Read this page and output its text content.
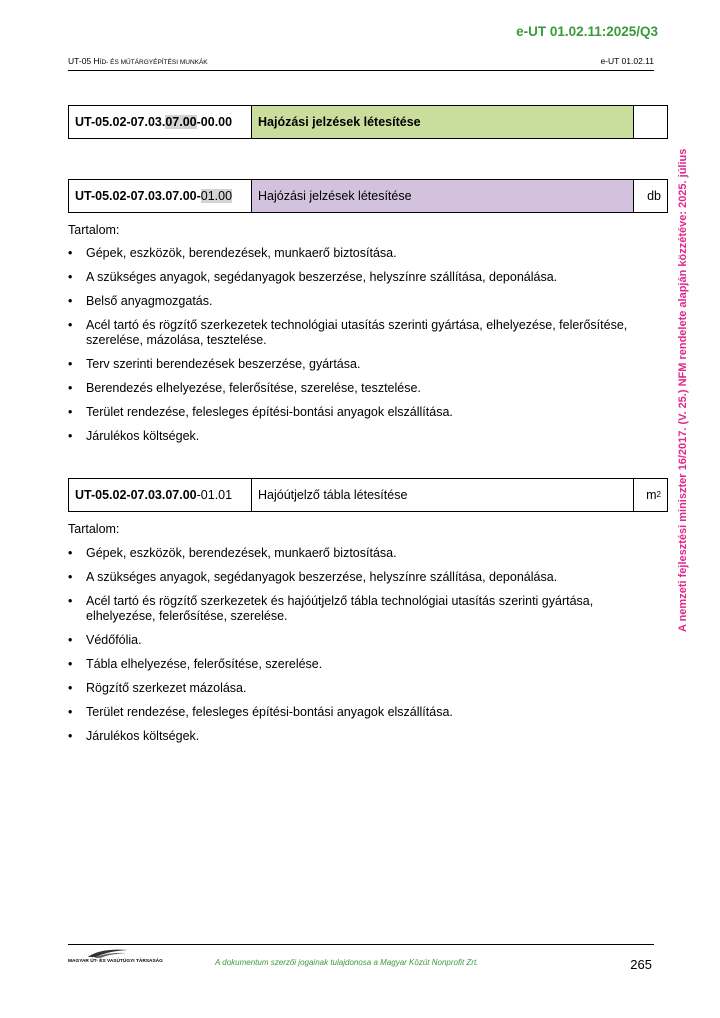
e-UT 01.02.11:2025/Q3
UT-05 HÍD- ÉS MŰTÁRGYÉPÍTÉSI MUNKÁK	e-UT 01.02.11
A nemzeti fejlesztési miniszter 16/2017. (V. 25.) NFM rendelete alapján közzétéve: 2025. július
UT-05.02-07.03. 07.00 -00.00	Hajózási jelzések létesítése
UT-05.02-07.03.07.00- 01.00	Hajózási jelzések létesítése	db
Tartalom:
• Gépek, eszközök, berendezések, munkaerő biztosítása.
• A szükséges anyagok, segédanyagok beszerzése, helyszínre szállítása, deponálása.
• Belső anyagmozgatás.
• Acél tartó és rögzítő szerkezetek technológiai utasítás szerinti gyártása, elhelyezése, felerősítése, szerelése, mázolása, tesztelése.
• Terv szerinti berendezések beszerzése, gyártása.
• Berendezés elhelyezése, felerősítése, szerelése, tesztelése.
• Terület rendezése, felesleges építési-bontási anyagok elszállítása.
• Járulékos költségek.
UT-05.02-07.03.07.00 -01.01	Hajóútjelző tábla létesítése	m 2
Tartalom:
• Gépek, eszközök, berendezések, munkaerő biztosítása.
• A szükséges anyagok, segédanyagok beszerzése, helyszínre szállítása, deponálása.
• Acél tartó és rögzítő szerkezetek és hajóútjelző tábla technológiai utasítás szerinti gyártása, elhelyezése, felerősítése, szerelése.
• Védőfólia.
• Tábla elhelyezése, felerősítése, szerelése.
• Rögzítő szerkezet mázolása.
• Terület rendezése, felesleges építési-bontási anyagok elszállítása.
• Járulékos költségek.
MAGYAR ÚT- ÉS VASÚTÜGYI TÁRSASÁG	A dokumentum szerzői jogainak tulajdonosa a Magyar Közút Nonprofit Zrt.	265
